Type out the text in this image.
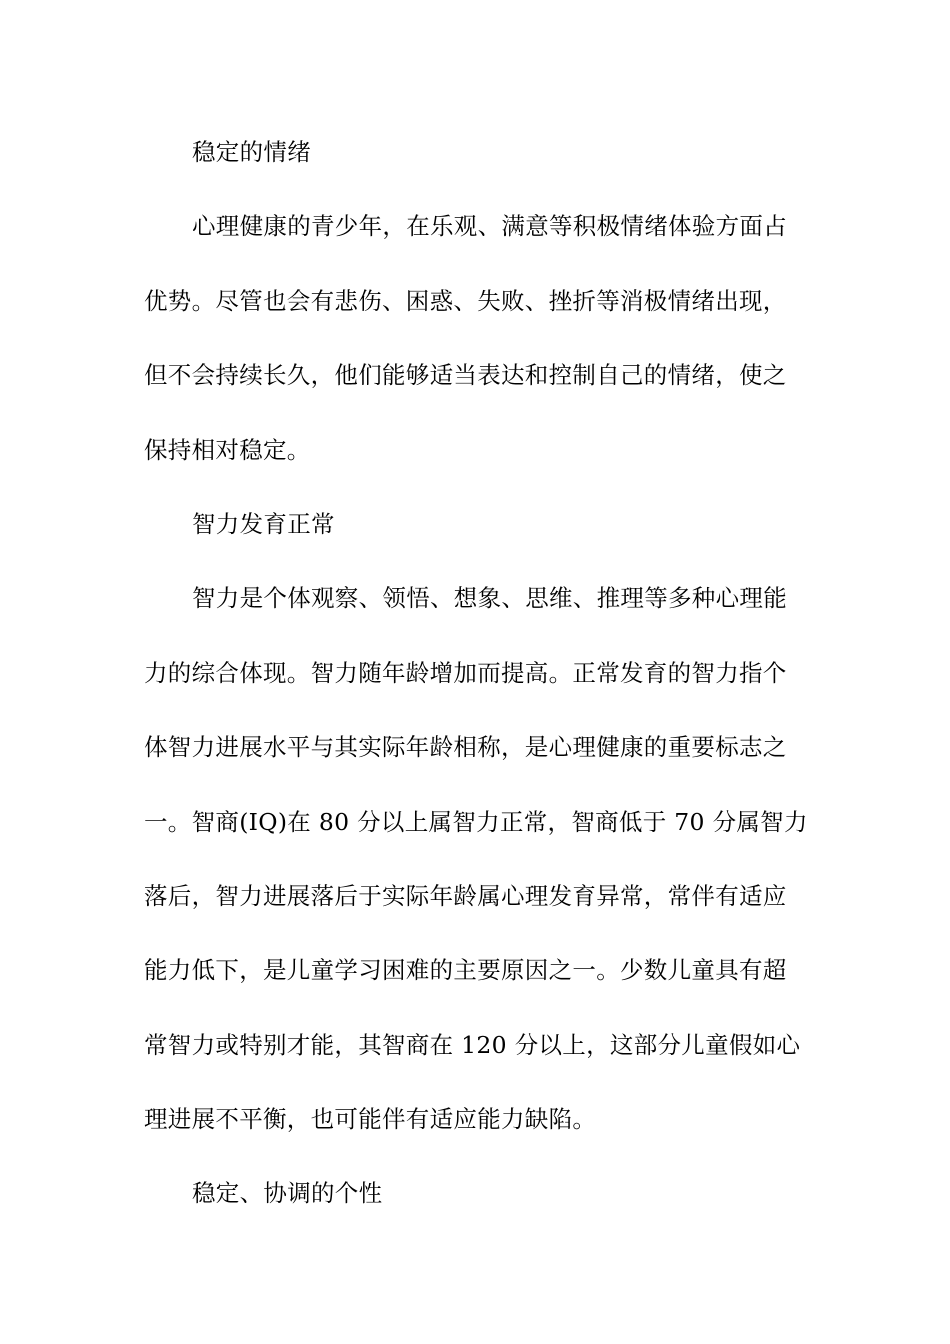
稳定的情绪
心理健康的青少年，在乐观、满意等积极情绪体验方面占
优势。尽管也会有悲伤、困惑、失败、挫折等消极情绪出现，
但不会持续长久，他们能够适当表达和控制自己的情绪，使之
保持相对稳定。
智力发育正常
智力是个体观察、领悟、想象、思维、推理等多种心理能
力的综合体现。智力随年龄增加而提高。正常发育的智力指个
体智力进展水平与其实际年龄相称，是心理健康的重要标志之
一。智商(IQ)在 80 分以上属智力正常，智商低于 70 分属智力
落后，智力进展落后于实际年龄属心理发育异常，常伴有适应
能力低下，是儿童学习困难的主要原因之一。少数儿童具有超
常智力或特别才能，其智商在 120 分以上，这部分儿童假如心
理进展不平衡，也可能伴有适应能力缺陷。
稳定、协调的个性
